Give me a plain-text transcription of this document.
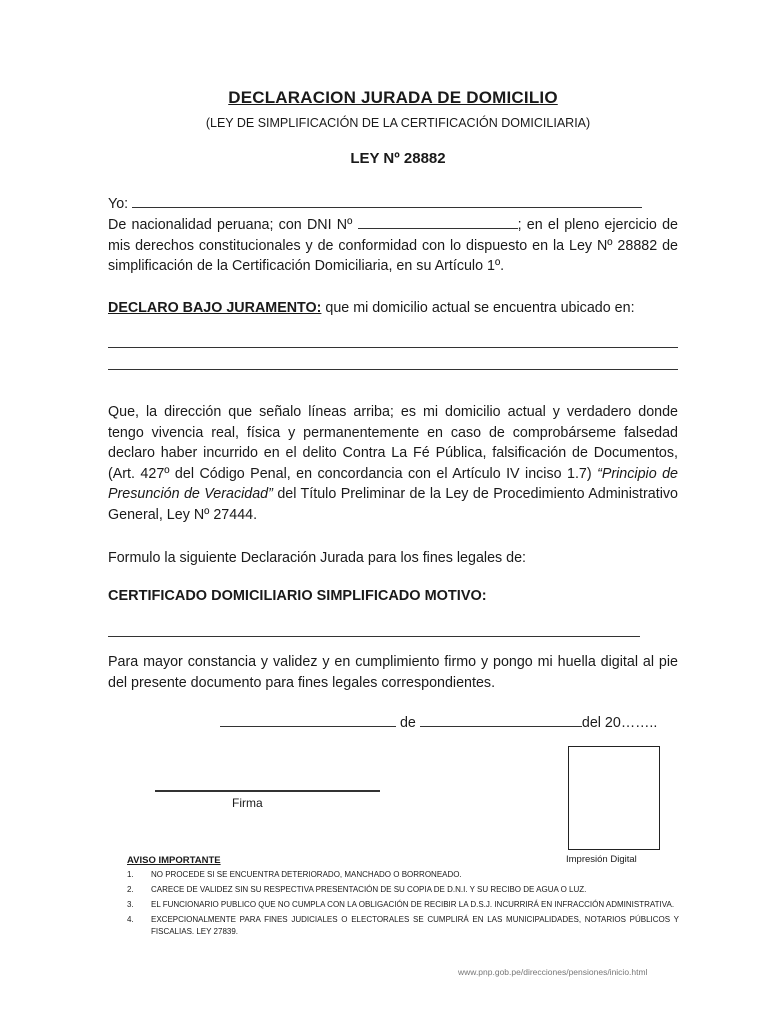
DECLARACION JURADA DE DOMICILIO
(LEY DE SIMPLIFICACIÓN DE LA CERTIFICACIÓN DOMICILIARIA)
LEY Nº 28882
Yo:
De nacionalidad peruana; con DNI Nº	; en el pleno ejercicio de mis derechos constitucionales y de conformidad con lo dispuesto en la Ley Nº 28882 de simplificación de la Certificación Domiciliaria, en su Artículo 1º.
DECLARO BAJO JURAMENTO: que mi domicilio actual se encuentra ubicado en:
Que, la dirección que señalo líneas arriba; es mi domicilio actual y verdadero donde tengo vivencia real, física y permanentemente en caso de comprobárseme falsedad declaro haber incurrido en el delito Contra La Fé Pública, falsificación de Documentos, (Art. 427º del Código Penal, en concordancia con el Artículo IV inciso 1.7) “Principio de Presunción de Veracidad” del Título Preliminar de la Ley de Procedimiento Administrativo General, Ley Nº 27444.
Formulo la siguiente Declaración Jurada para los fines legales de:
CERTIFICADO DOMICILIARIO SIMPLIFICADO MOTIVO:
Para mayor constancia y validez y en cumplimiento firmo y pongo mi huella digital al pie del presente documento para fines legales correspondientes.
de	del 20……..
Firma
Impresión Digital
AVISO IMPORTANTE
1.	NO PROCEDE SI SE ENCUENTRA DETERIORADO, MANCHADO O BORRONEADO.
2.	CARECE DE VALIDEZ SIN SU RESPECTIVA PRESENTACIÓN DE SU COPIA DE D.N.I. Y SU RECIBO DE AGUA O LUZ.
3.	EL FUNCIONARIO PUBLICO QUE NO CUMPLA CON LA OBLIGACIÓN DE RECIBIR LA D.S.J. INCURRIRÁ EN INFRACCIÓN ADMINISTRATIVA.
4.	EXCEPCIONALMENTE PARA FINES JUDICIALES O ELECTORALES SE CUMPLIRÁ EN LAS MUNICIPALIDADES, NOTARIOS PÚBLICOS Y FISCALIAS. LEY 27839.
www.pnp.gob.pe/direcciones/pensiones/inicio.html
